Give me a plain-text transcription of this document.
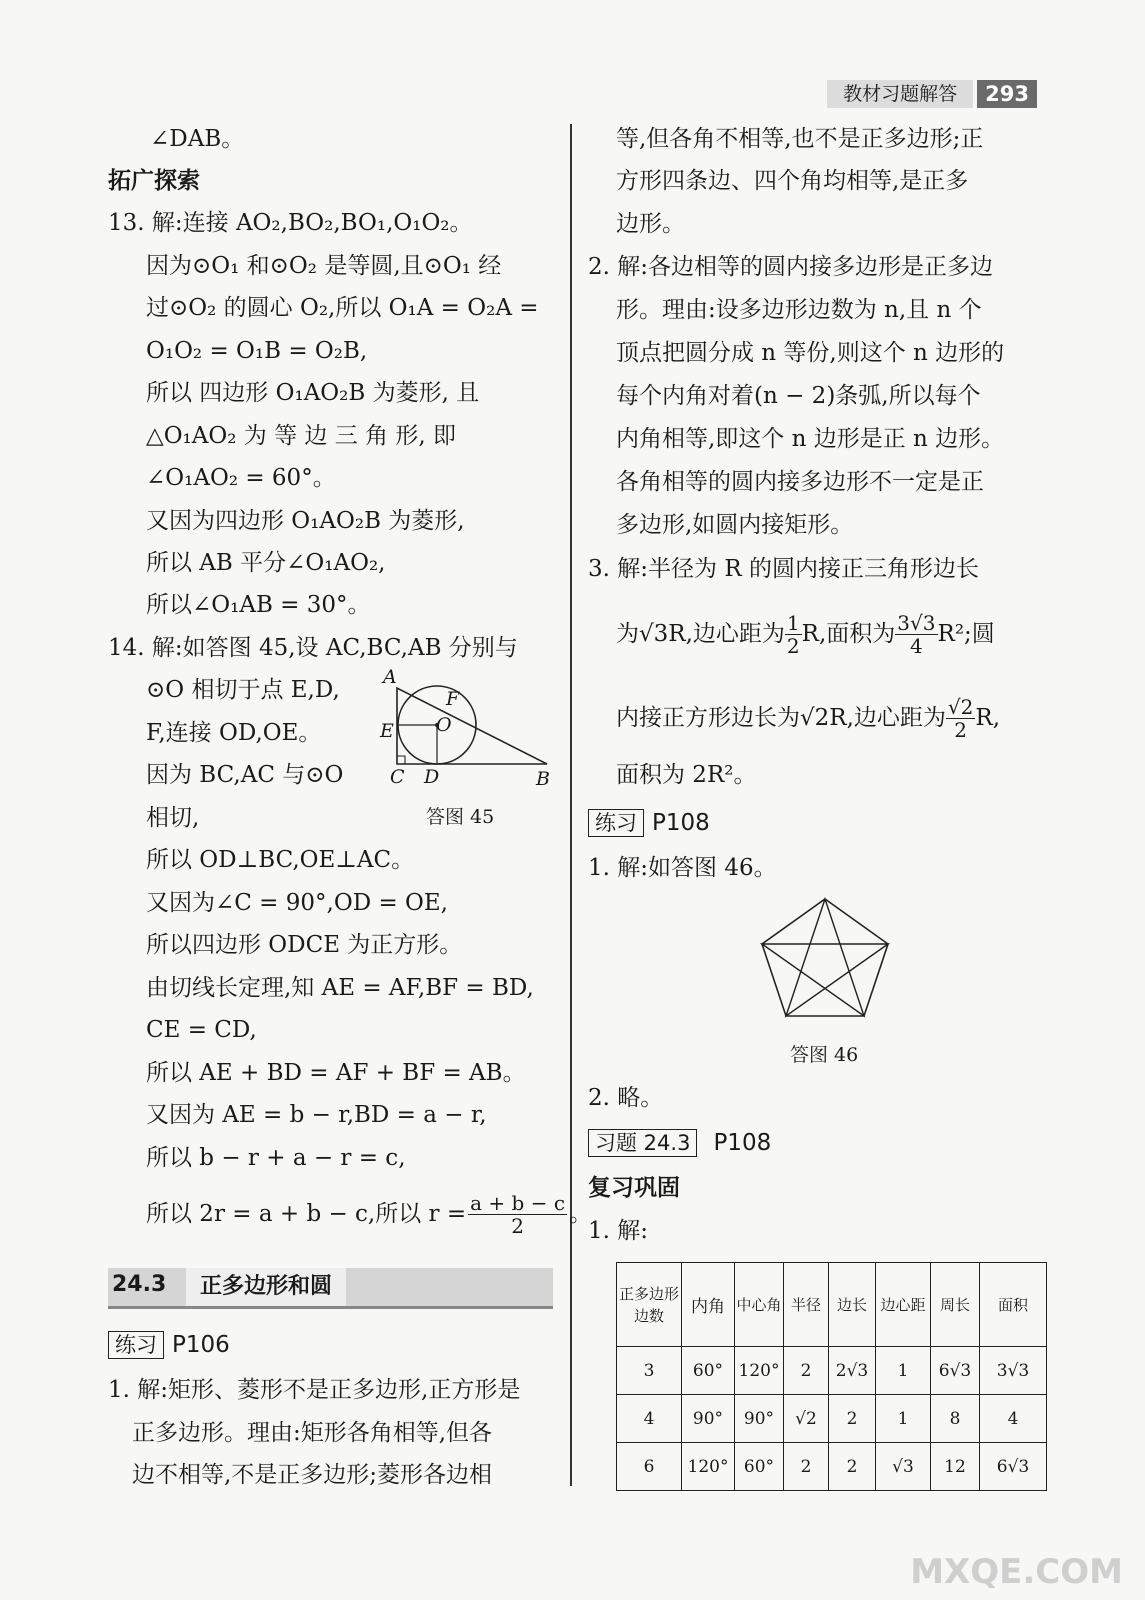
教材习题解答	293
∠DAB。
拓广探索
13. 解:连接 AO₂,BO₂,BO₁,O₁O₂。
因为⊙O₁ 和⊙O₂ 是等圆,且⊙O₁ 经
过⊙O₂ 的圆心 O₂,所以 O₁A = O₂A =
O₁O₂ = O₁B = O₂B,
所以 四边形 O₁AO₂B 为菱形, 且
△O₁AO₂ 为 等 边 三 角 形, 即
∠O₁AO₂ = 60°。
又因为四边形 O₁AO₂B 为菱形,
所以 AB 平分∠O₁AO₂,
所以∠O₁AB = 30°。
14. 解:如答图 45,设 AC,BC,AB 分别与
⊙O 相切于点 E,D,
F,连接 OD,OE。
因为 BC,AC 与⊙O
相切,
A
F
E O
C D	B
答图 45
所以 OD⊥BC,OE⊥AC。
又因为∠C = 90°,OD = OE,
所以四边形 ODCE 为正方形。
由切线长定理,知 AE = AF,BF = BD,
CE = CD,
所以 AE + BD = AF + BF = AB。
又因为 AE = b − r,BD = a − r,
所以 b − r + a − r = c,
所以 2r = a + b − c,所以 $r = \frac{a + b - c}{2}$ 。
24.3	正多边形和圆
练习 P106
1. 解:矩形、菱形不是正多边形,正方形是
正多边形。理由:矩形各角相等,但各
边不相等,不是正多边形;菱形各边相
等,但各角不相等,也不是正多边形;正
方形四条边、四个角均相等,是正多
边形。
2. 解:各边相等的圆内接多边形是正多边
形。理由:设多边形边数为 n,且 n 个
顶点把圆分成 n 等份,则这个 n 边形的
每个内角对着(n − 2)条弧,所以每个
内角相等,即这个 n 边形是正 n 边形。
各角相等的圆内接多边形不一定是正
多边形,如圆内接矩形。
3. 解:半径为 R 的圆内接正三角形边长
为√3R,边心距为 $\frac{1}{2} R$,面积为 $\frac{3√3}{4} R^2$;圆
内接正方形边长为√2R,边心距为 $\frac{√2}{2} R$,
面积为 2R²。
练习 P108
1. 解:如答图 46。
答图 46
2. 略。
习题 24.3 P108
复习巩固
1. 解:
正多边形边数	内角	中心角	半径	边长	边心距	周长	面积
3	60°	120°	2	2√3	1	6√3	3√3
4	90°	90°	√2	2	1	8	4
6	120°	60°	2	2	√3	12	6√3
MXQE.COM
